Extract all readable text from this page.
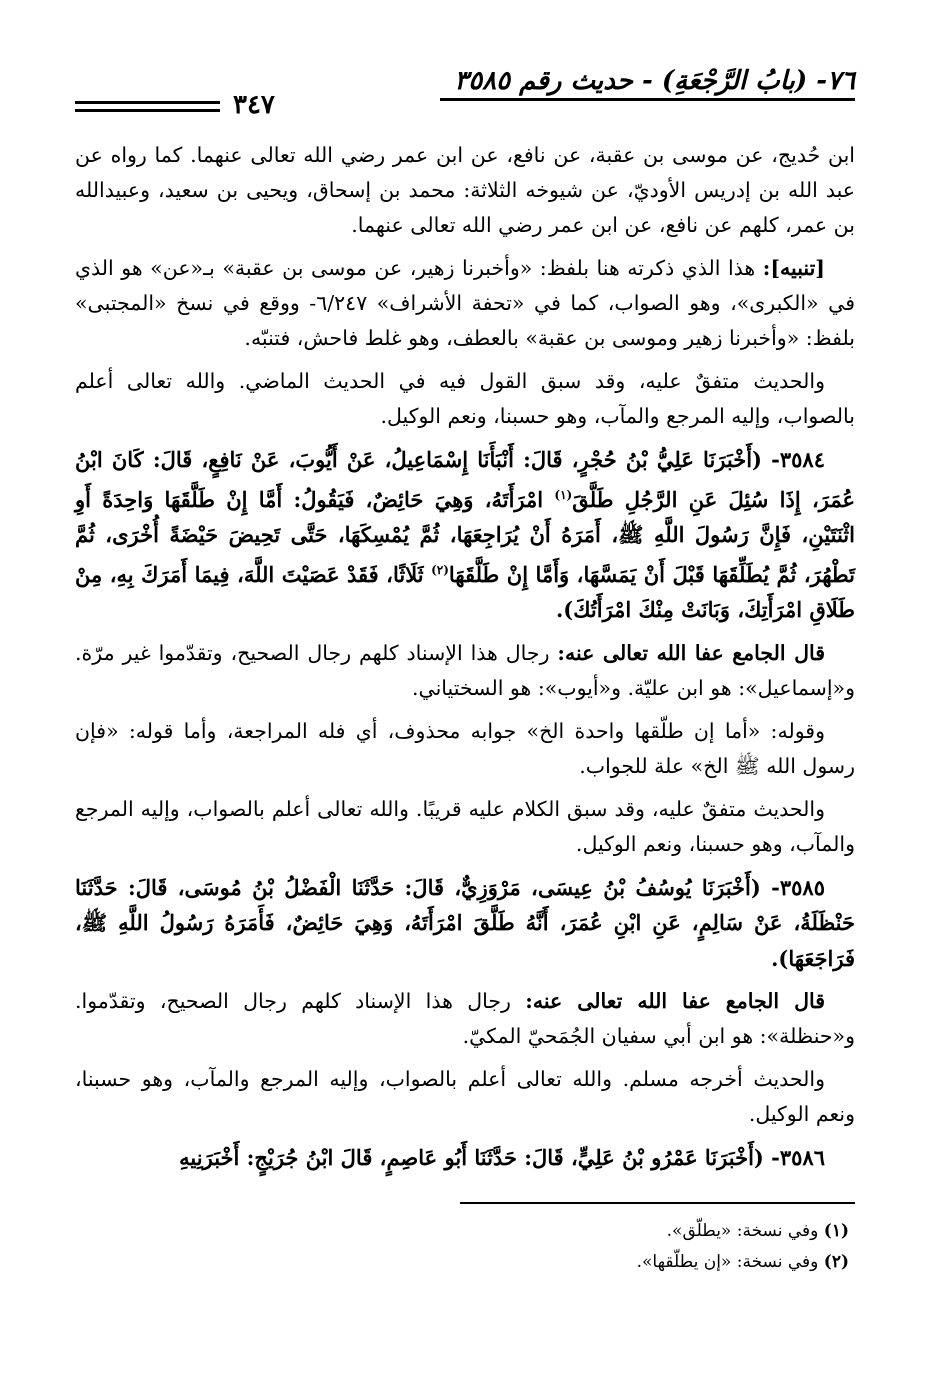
٧٦- (بابُ الرَّجْعَةِ) - حديث رقم ٣٥٨٥
٣٤٧

ابن حُديج، عن موسى بن عقبة، عن نافع، عن ابن عمر رضي الله تعالى عنهما. كما رواه عن عبد الله بن إدريس الأوديّ، عن شيوخه الثلاثة: محمد بن إسحاق، ويحيى بن سعيد، وعبيدالله بن عمر، كلهم عن نافع، عن ابن عمر رضي الله تعالى عنهما.

[تنبيه]: هذا الذي ذكرته هنا بلفظ: «وأخبرنا زهير، عن موسى بن عقبة» بـ«عن» هو الذي في «الكبرى»، وهو الصواب، كما في «تحفة الأشراف» ٦/٢٤٧- ووقع في نسخ «المجتبى» بلفظ: «وأخبرنا زهير وموسى بن عقبة» بالعطف، وهو غلط فاحش، فتنبّه.

والحديث متفقٌ عليه، وقد سبق القول فيه في الحديث الماضي. والله تعالى أعلم بالصواب، وإليه المرجع والمآب، وهو حسبنا، ونعم الوكيل.

٣٥٨٤- (أَخْبَرَنَا عَلِيُّ بْنُ حُجْرٍ، قَالَ: أَنْبَأَنَا إِسْمَاعِيلُ، عَنْ أَيُّوبَ، عَنْ نَافِعٍ، قَالَ: كَانَ ابْنُ عُمَرَ، إِذَا سُئِلَ عَنِ الرَّجُلِ طَلَّقَ$^{(١)}$ امْرَأَتَهُ، وَهِيَ حَائِضٌ، فَيَقُولُ: أَمَّا إِنْ طَلَّقَهَا وَاحِدَةً أَوِ اثْنَتَيْنِ، فَإِنَّ رَسُولَ اللَّهِ ﷺ، أَمَرَهُ أَنْ يُرَاجِعَهَا، ثُمَّ يُمْسِكَهَا، حَتَّى تَحِيضَ حَيْضَةً أُخْرَى، ثُمَّ تَطْهُرَ، ثُمَّ يُطَلِّقَهَا قَبْلَ أَنْ يَمَسَّهَا، وَأَمَّا إِنْ طَلَّقَهَا$^{(٢)}$ ثَلَاثًا، فَقَدْ عَصَيْتَ اللَّهَ، فِيمَا أَمَرَكَ بِهِ، مِنْ طَلَاقِ امْرَأَتِكَ، وَبَانَتْ مِنْكَ امْرَأَتُكَ).

قال الجامع عفا الله تعالى عنه: رجال هذا الإسناد كلهم رجال الصحيح، وتقدّموا غير مرّة. و«إسماعيل»: هو ابن عليّة. و«أيوب»: هو السختياني.

وقوله: «أما إن طلّقها واحدة الخ» جوابه محذوف، أي فله المراجعة، وأما قوله: «فإن رسول الله ﷺ الخ» علة للجواب.

والحديث متفقٌ عليه، وقد سبق الكلام عليه قريبًا. والله تعالى أعلم بالصواب، وإليه المرجع والمآب، وهو حسبنا، ونعم الوكيل.

٣٥٨٥- (أَخْبَرَنَا يُوسُفُ بْنُ عِيسَى، مَرْوَزِيٌّ، قَالَ: حَدَّثَنَا الْفَضْلُ بْنُ مُوسَى، قَالَ: حَدَّثَنَا حَنْظَلَةُ، عَنْ سَالِمٍ، عَنِ ابْنِ عُمَرَ، أَنَّهُ طَلَّقَ امْرَأَتَهُ، وَهِيَ حَائِضٌ، فَأَمَرَهُ رَسُولُ اللَّهِ ﷺ، فَرَاجَعَهَا).

قال الجامع عفا الله تعالى عنه: رجال هذا الإسناد كلهم رجال الصحيح، وتقدّموا. و«حنظلة»: هو ابن أبي سفيان الجُمَحيّ المكيّ.

والحديث أخرجه مسلم. والله تعالى أعلم بالصواب، وإليه المرجع والمآب، وهو حسبنا، ونعم الوكيل.

٣٥٨٦- (أَخْبَرَنَا عَمْرُو بْنُ عَلِيٍّ، قَالَ: حَدَّثَنَا أَبُو عَاصِمٍ، قَالَ ابْنُ جُرَيْجٍ: أَخْبَرَنِيهِ

(١) وفي نسخة: «يطلّق».

(٢) وفي نسخة: «إن يطلّقها».
